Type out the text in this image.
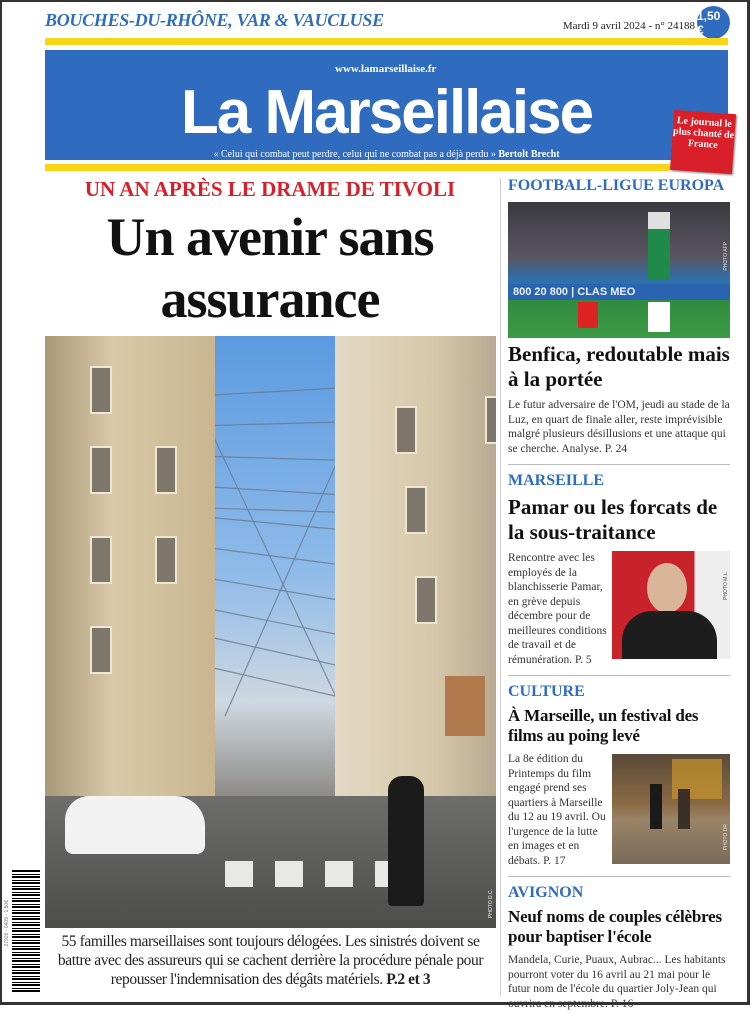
BOUCHES-DU-RHÔNE, VAR & VAUCLUSE	Mardi 9 avril 2024 - n° 24188
1,50 €
www.lamarseillaise.fr
La Marseillaise
« Celui qui combat peut perdre, celui qui ne combat pas a déjà perdu » Bertolt Brecht
Le journal le plus chanté de France
UN AN APRÈS LE DRAME DE TIVOLI
Un avenir sans assurance
PHOTO D.C.
55 familles marseillaises sont toujours délogées. Les sinistrés doivent se battre avec des assureurs qui se cachent derrière la procédure pénale pour repousser l'indemnisation des dégâts matériels. P.2 et 3
27926 - 0409 - 1,50€
FOOTBALL-LIGUE EUROPA
800 20 800 | CLAS MEO
PHOTO AFP
Benfica, redoutable mais à la portée
Le futur adversaire de l'OM, jeudi au stade de la Luz, en quart de finale aller, reste imprévisible malgré plusieurs désillusions et une attaque qui se cherche. Analyse. P. 24
MARSEILLE
Pamar ou les forcats de la sous-traitance
Rencontre avec les employés de la blanchisserie Pamar, en grève depuis décembre pour de meilleures conditions de travail et de rémunération. P. 5
PHOTO M.L.
CULTURE
À Marseille, un festival des films au poing levé
La 8e édition du Printemps du film engagé prend ses quartiers à Marseille du 12 au 19 avril. Ou l'urgence de la lutte en images et en débats. P. 17
PHOTO DR
AVIGNON
Neuf noms de couples célèbres pour baptiser l'école
Mandela, Curie, Puaux, Aubrac... Les habitants pourront voter du 16 avril au 21 mai pour le futur nom de l'école du quartier Joly-Jean qui ouvrira en septembre. P. 16
